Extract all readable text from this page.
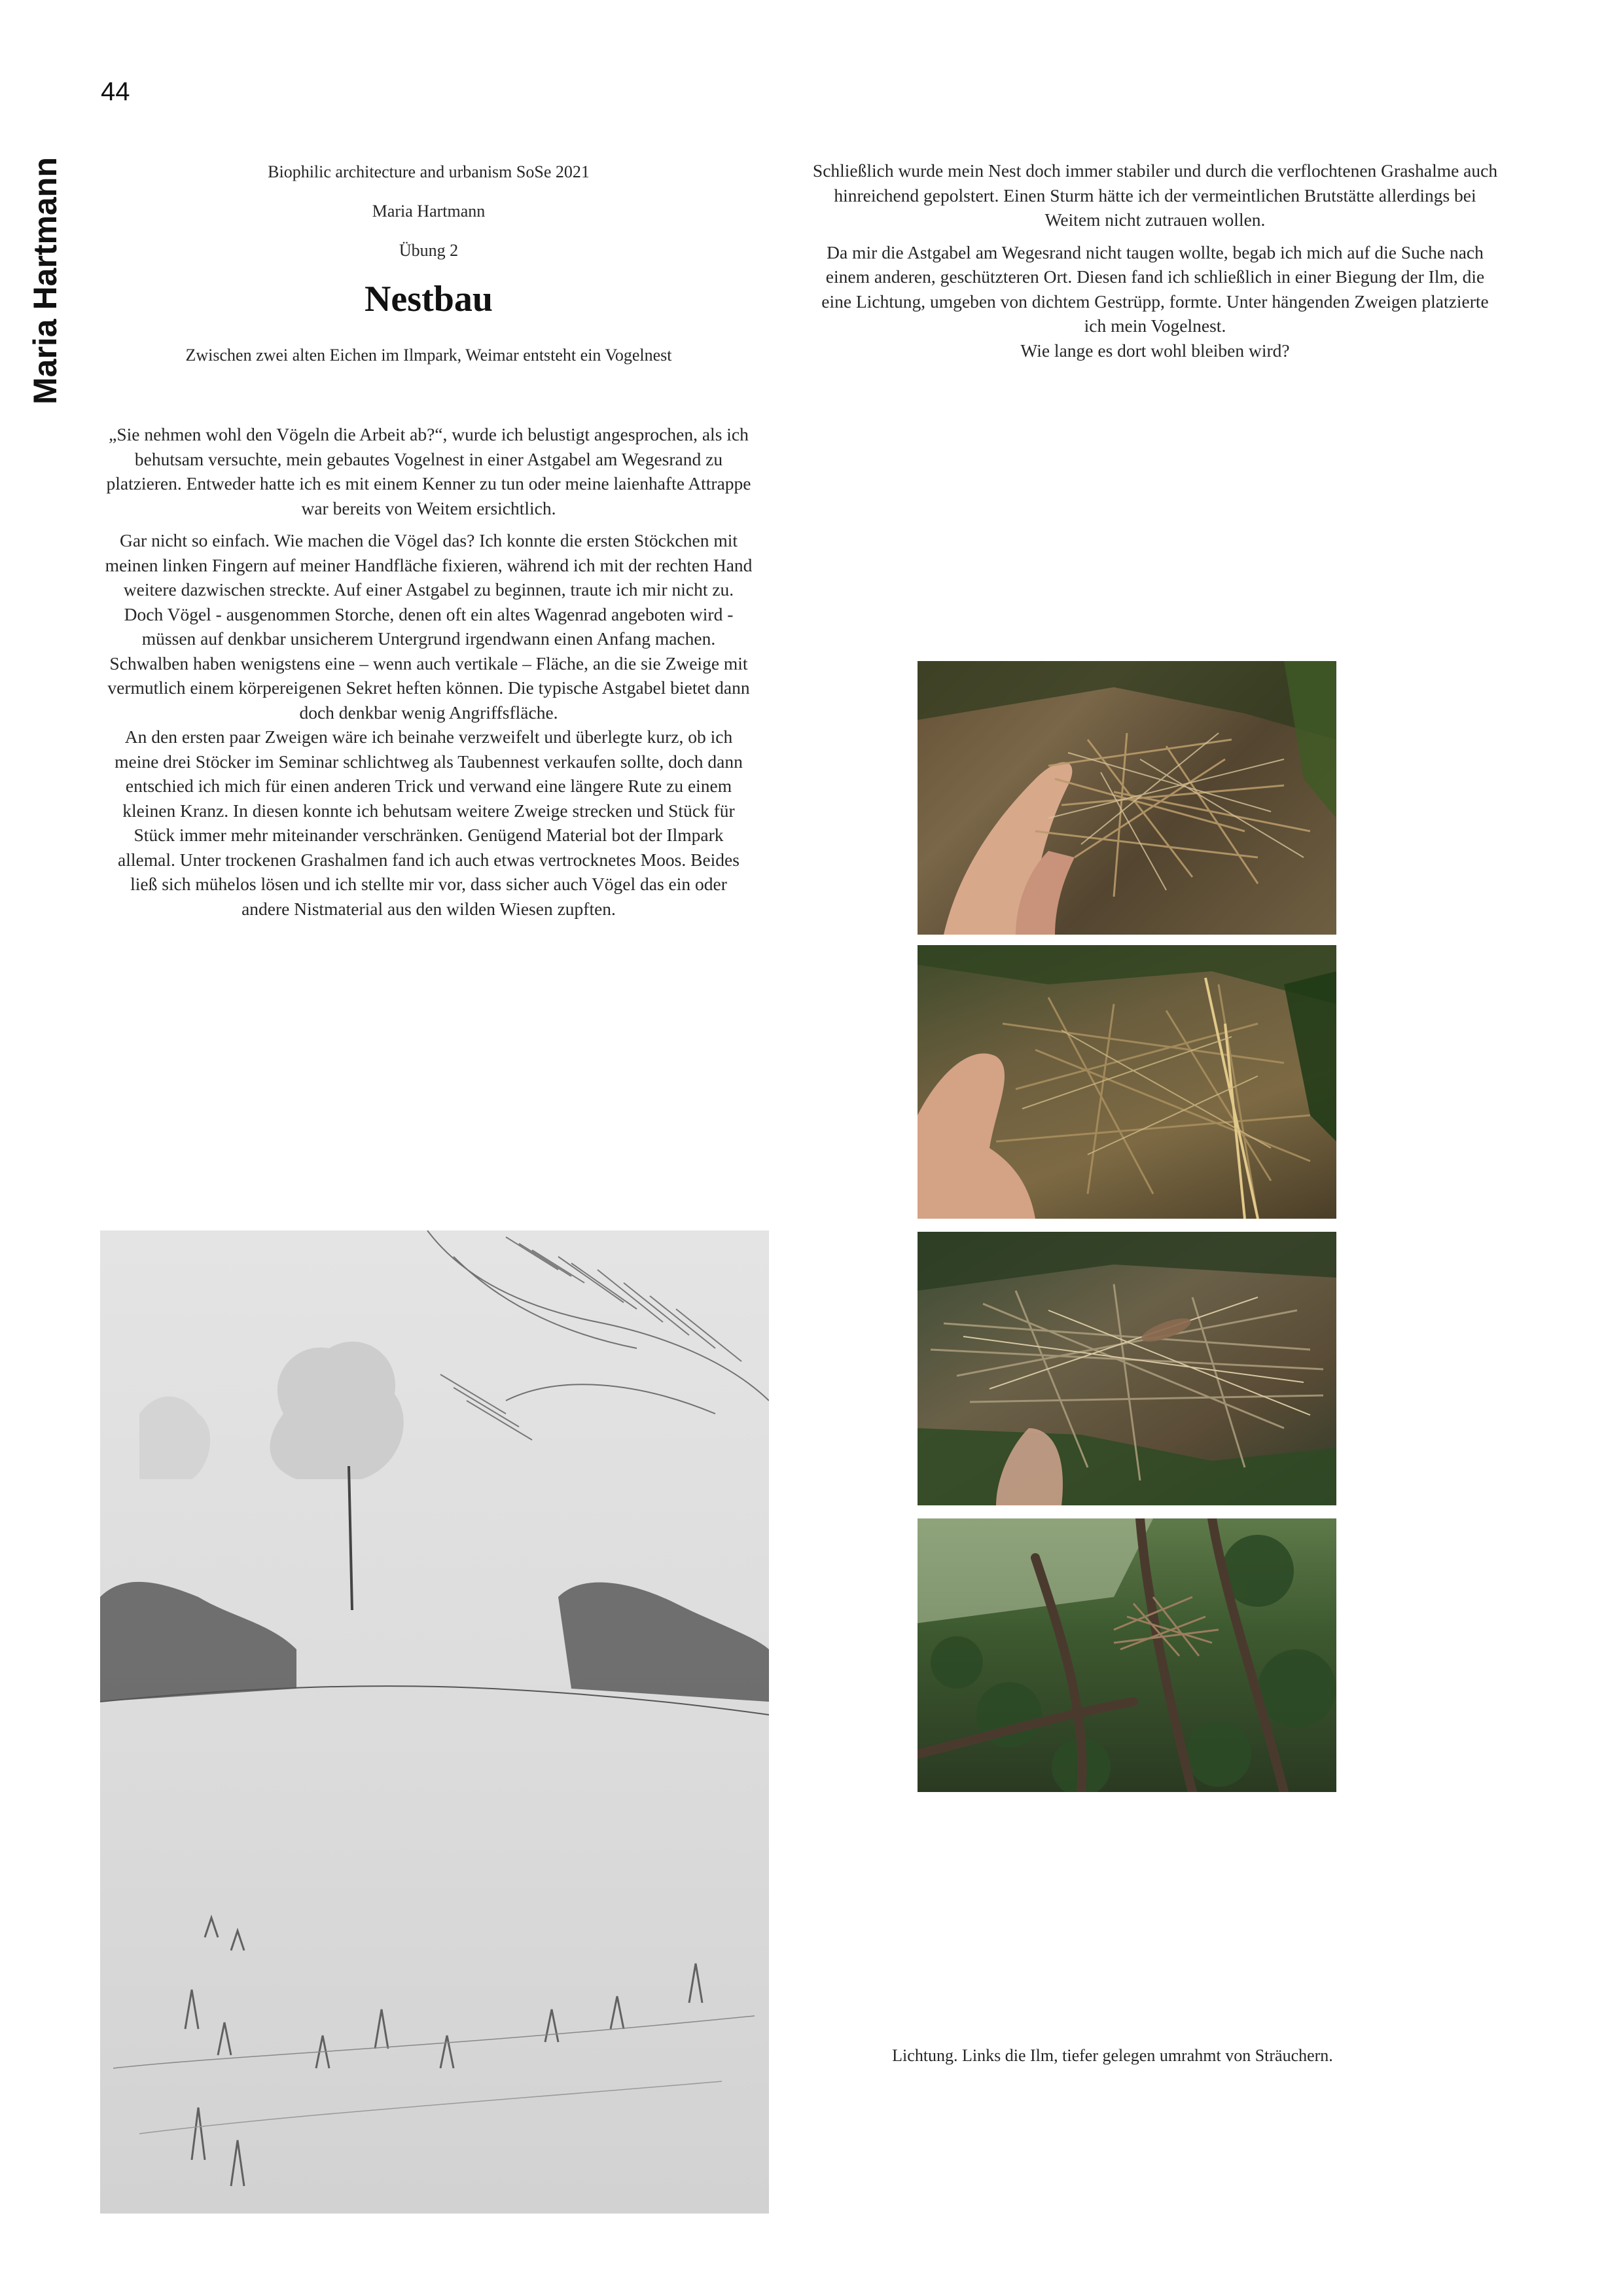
44
Maria Hartmann	Biophilic architecture and urbanism SoSe 2021
Maria Hartmann
Übung 2
Nestbau
Zwischen zwei alten Eichen im Ilmpark, Weimar entsteht ein Vogelnest

„Sie nehmen wohl den Vögeln die Arbeit ab?“, wurde ich belustigt angesprochen, als ich behutsam versuchte, mein gebautes Vogelnest in einer Astgabel am Wegesrand zu platzieren. Entweder hatte ich es mit einem Kenner zu tun oder meine laienhafte Attrappe war bereits von Weitem ersichtlich.

Gar nicht so einfach. Wie machen die Vögel das? Ich konnte die ersten Stöckchen mit meinen linken Fingern auf meiner Handfläche fixieren, während ich mit der rechten Hand weitere dazwischen streckte. Auf einer Astgabel zu beginnen, traute ich mir nicht zu. Doch Vögel - ausgenommen Storche, denen oft ein altes Wagenrad angeboten wird - müssen auf denkbar unsicherem Untergrund irgendwann einen Anfang machen. Schwalben haben wenigstens eine – wenn auch vertikale – Fläche, an die sie Zweige mit vermutlich einem körpereigenen Sekret heften können. Die typische Astgabel bietet dann doch denkbar wenig Angriffsfläche.

An den ersten paar Zweigen wäre ich beinahe verzweifelt und überlegte kurz, ob ich meine drei Stöcker im Seminar schlichtweg als Taubennest verkaufen sollte, doch dann entschied ich mich für einen anderen Trick und verwand eine längere Rute zu einem kleinen Kranz. In diesen konnte ich behutsam weitere Zweige strecken und Stück für Stück immer mehr miteinander verschränken. Genügend Material bot der Ilmpark allemal. Unter trockenen Grashalmen fand ich auch etwas vertrocknetes Moos. Beides ließ sich mühelos lösen und ich stellte mir vor, dass sicher auch Vögel das ein oder andere Nistmaterial aus den wilden Wiesen zupften.

Schließlich wurde mein Nest doch immer stabiler und durch die verflochtenen Grashalme auch hinreichend gepolstert. Einen Sturm hätte ich der vermeintlichen Brutstätte allerdings bei Weitem nicht zutrauen wollen.

Da mir die Astgabel am Wegesrand nicht taugen wollte, begab ich mich auf die Suche nach einem anderen, geschützteren Ort. Diesen fand ich schließlich in einer Biegung der Ilm, die eine Lichtung, umgeben von dichtem Gestrüpp, formte. Unter hängenden Zweigen platzierte ich mein Vogelnest.

Wie lange es dort wohl bleiben wird?

Lichtung. Links die Ilm, tiefer gelegen umrahmt von Sträuchern.
